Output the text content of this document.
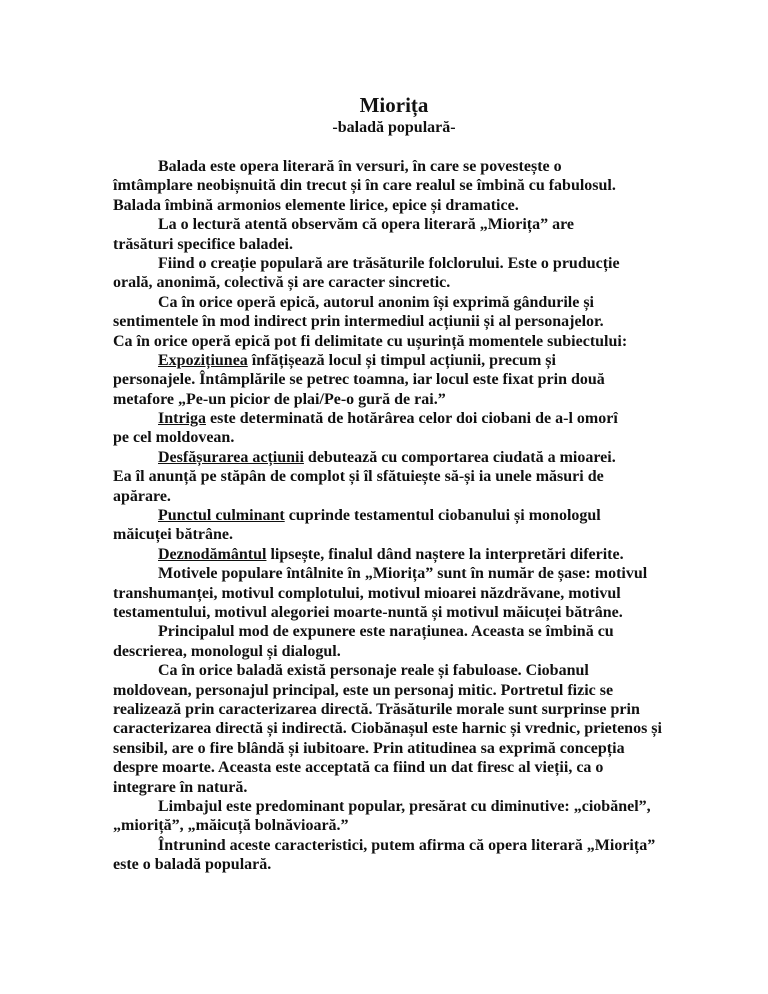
Miorița
-baladă populară-
Balada este opera literară în versuri, în care se povestește o
îmtâmplare neobișnuită din trecut și în care realul se îmbină cu fabulosul.
Balada îmbină armonios elemente lirice, epice și dramatice.
La o lectură atentă observăm că opera literară „Miorița” are
trăsături specifice baladei.
Fiind o creație populară are trăsăturile folclorului. Este o pruducție
orală, anonimă, colectivă și are caracter sincretic.
Ca în orice operă epică, autorul anonim își exprimă gândurile și
sentimentele în mod indirect prin intermediul acțiunii și al personajelor.
Ca în orice operă epică pot fi delimitate cu ușurință momentele subiectului:
Expozițiunea înfățișează locul și timpul acțiunii, precum și
personajele. Întâmplările se petrec toamna, iar locul este fixat prin două
metafore „Pe-un picior de plai/Pe-o gură de rai.”
Intriga este determinată de hotărârea celor doi ciobani de a-l omorî
pe cel moldovean.
Desfășurarea acțiunii debutează cu comportarea ciudată a mioarei.
Ea îl anunță pe stăpân de complot și îl sfătuiește să-și ia unele măsuri de
apărare.
Punctul culminant cuprinde testamentul ciobanului și monologul
măicuței bătrâne.
Deznodământul lipsește, finalul dând naștere la interpretări diferite.
Motivele populare întâlnite în „Miorița” sunt în număr de șase: motivul
transhumanței, motivul complotului, motivul mioarei năzdrăvane, motivul
testamentului, motivul alegoriei moarte-nuntă și motivul măicuței bătrâne.
Principalul mod de expunere este narațiunea. Aceasta se îmbină cu
descrierea, monologul și dialogul.
Ca în orice baladă există personaje reale și fabuloase. Ciobanul
moldovean, personajul principal, este un personaj mitic. Portretul fizic se
realizează prin caracterizarea directă. Trăsăturile morale sunt surprinse prin
caracterizarea directă și indirectă. Ciobănașul este harnic și vrednic, prietenos și
sensibil, are o fire blândă și iubitoare. Prin atitudinea sa exprimă concepția
despre moarte. Aceasta este acceptată ca fiind un dat firesc al vieții, ca o
integrare în natură.
Limbajul este predominant popular, presărat cu diminutive: „ciobănel”,
„mioriță”, „măicuță bolnăvioară.”
Întrunind aceste caracteristici, putem afirma că opera literară „Miorița”
este o baladă populară.
